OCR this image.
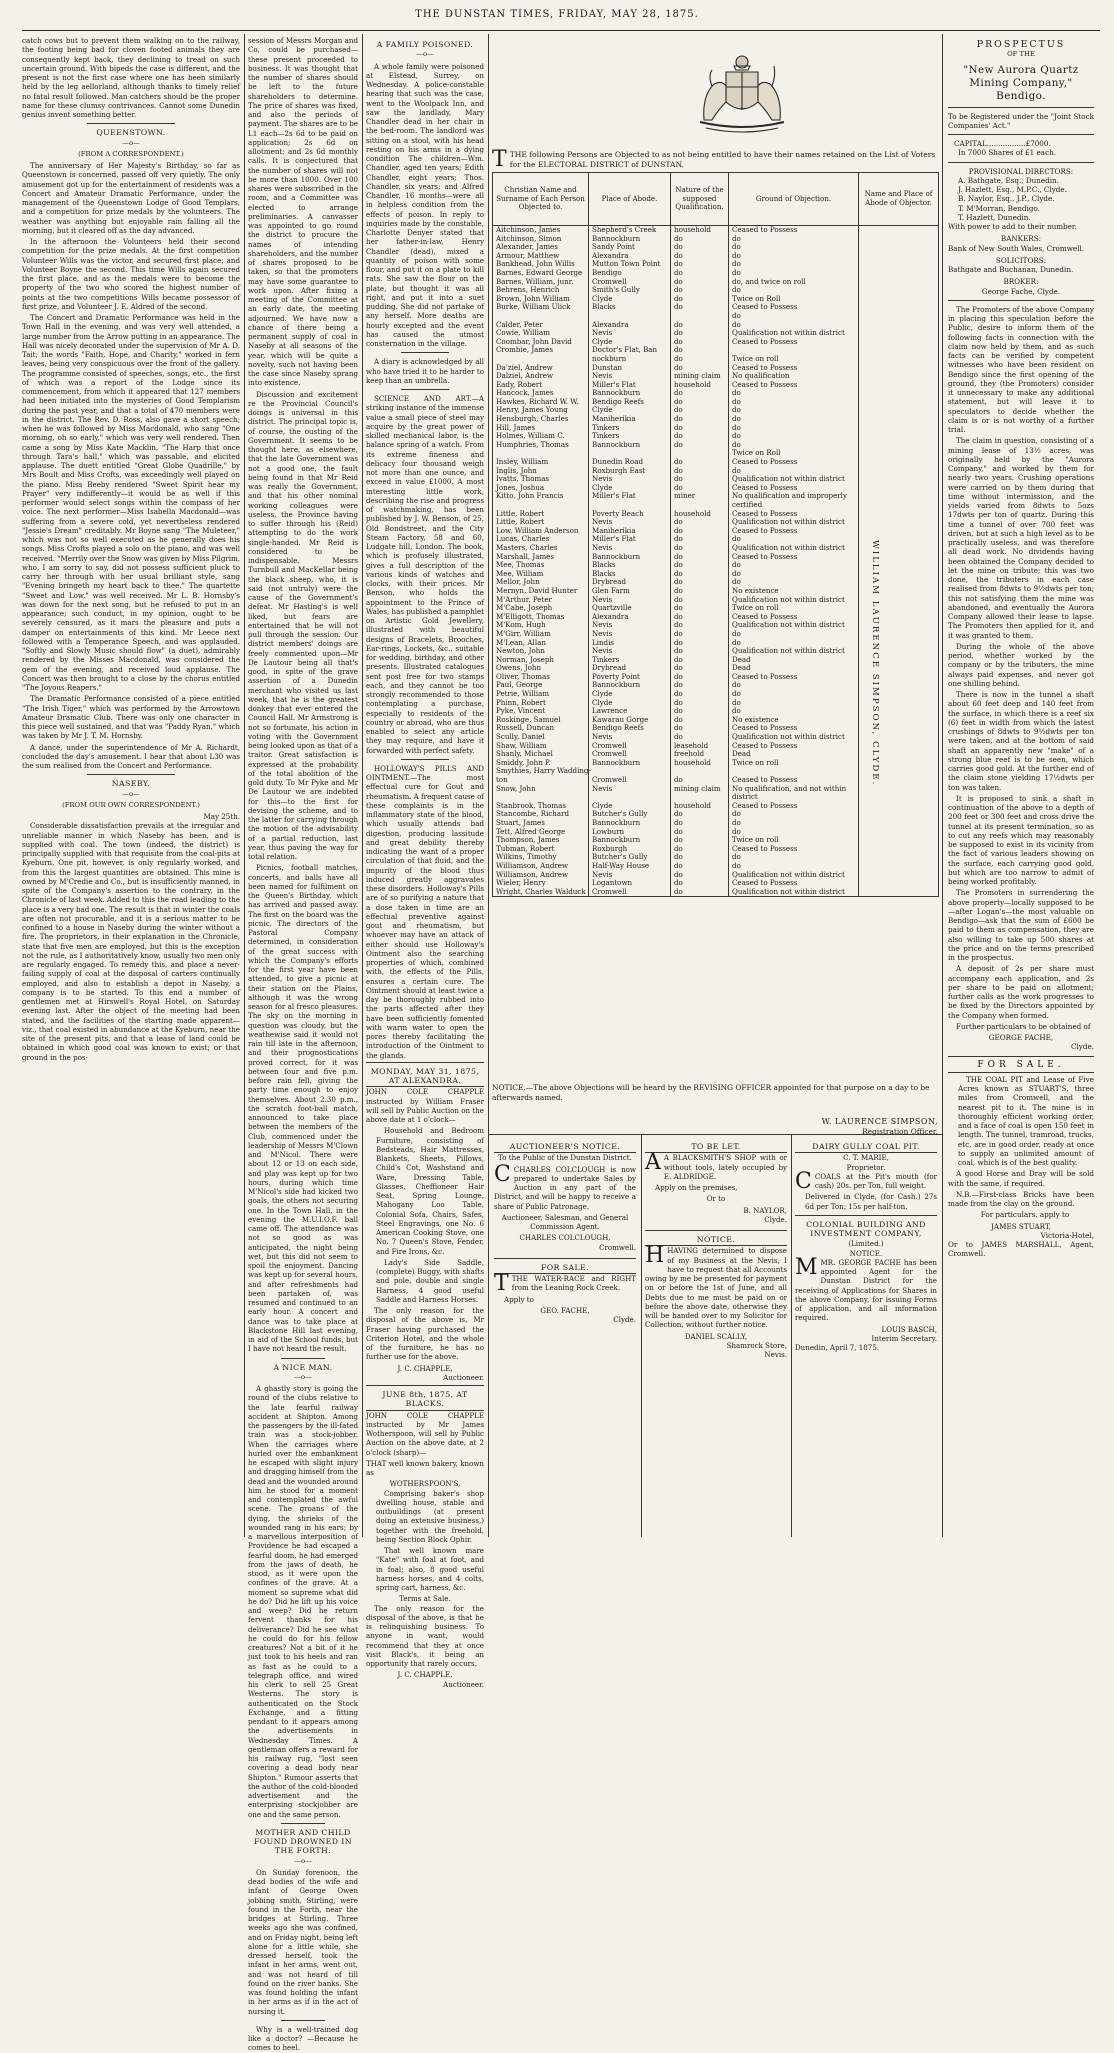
THE DUNSTAN TIMES, FRIDAY, MAY 28, 1875.

catch cows but to prevent them walking on to the railway, the footing being bad for cloven footed animals they are consequently kept back, they declining to tread on such uncertain ground. With bipeds the case is different, and the present is not the first case where one has been similarly held by the leg aellorland, although thanks to timely relief no fatal result followed. Man catchers should be the proper name for these clumsy contrivances. Cannot some Dunedin genius invent something better.

QUEENSTOWN.
—o—
(FROM A CORRESPONDENT.)

The anniversary of Her Majesty's Birthday, so far as Queenstown is concerned, passed off very quietly. The only amusement got up for the entertainment of residents was a Concert and Amateur Dramatic Performance, under the management of the Queenstown Lodge of Good Templars, and a competition for prize medals by the volunteers. The weather was anything but enjoyable rain falling all the morning, but it cleared off as the day advanced.

In the afternoon the Volunteers held their second competition for the prize medals. At the first competition Volunteer Wills was the victor, and secured first place; and Volunteer Boyne the second. This time Wills again secured the first place, and as the medals were to become the property of the two who scored the highest number of points at the two competitions Wills became possessor of first prize, and Volunteer J. E. Aldred of the second.

The Concert and Dramatic Performance was held in the Town Hall in the evening, and was very well attended, a large number from the Arrow putting in an appearance. The Hall was nicely decorated under the supervision of Mr A. D. Tait; the words "Faith, Hope, and Charity," worked in fern leaves, being very conspicuous over the front of the gallery. The programme consisted of speeches, songs, etc., the first of which was a report of the Lodge since its commencement, from which it appeared that 127 members had been initiated into the mysteries of Good Templarism during the past year, and that a total of 470 members were in the district. The Rev. D. Ross, also gave a short speech; when he was followed by Miss Macdonald, who sang "One morning, oh so early," which was very well rendered. Then came a song by Miss Kate Macklin, "The Harp that once through Tara's hall," which was passable, and elicited applause. The duett entitled "Great Globe Quadrille," by Mrs Boult and Miss Crofts, was exceedingly well played on the piano. Miss Beeby rendered "Sweet Spirit hear my Prayer" very indifferently—it would be as well if this performer would select songs within the compass of her voice. The next performer—Miss Isabella Macdonald—was suffering from a severe cold, yet nevertheless rendered "Jessie's Dream" creditably. Mr Boyne sang "The Muleteer," which was not so well executed as he generally does his songs. Miss Crofts played a solo on the piano, and was well received. "Merrily over the Snow was given by Miss Pilgrim, who, I am sorry to say, did not possess sufficient pluck to carry her through with her usual brilliant style, sang "Evening bringeth my heart back to thee." The quartette "Sweet and Low," was well received. Mr L. B. Hornsby's was down for the next song, but he refused to put in an appearance; such conduct, in my opinion, ought to be severely censured, as it mars the pleasure and puts a damper on entertainments of this kind. Mr Leece next followed with a Temperance Speech, and was applauded. "Softly and Slowly Music should flow" (a duet), admirably rendered by the Misses Macdonald, was considered the gem of the evening, and received loud applause. The Concert was then brought to a close by the chorus entitled "The Joyous Reapers."

The Dramatic Performance consisted of a piece entitled "The Irish Tiger," which was performed by the Arrowtown Amateur Dramatic Club. There was only one character in this piece well sustained, and that was "Paddy Ryan," which was taken by Mr J. T. M. Hornsby.

A dance, under the superintendence of Mr A. Richardt, concluded the day's amusement. I hear that about L30 was the sum realised from the Concert and Performance.

NASEBY.
—o—
(FROM OUR OWN CORRESPONDENT.)
May 25th.

Considerable dissatisfaction prevails at the irregular and unreliable manner in which Naseby has been, and is supplied with coal. The town (indeed, the district) is principally supplied with that requisite from the coal-pits at Kyeburn. One pit, however, is only regularly worked, and from this the largest quantities are obtained. This mine is owned by M'Credie and Co., but is insufficiently manned, in spite of the Company's assertion to the contrary, in the Chronicle of last week. Added to this the road leading to the place is a very bad one. The result is that in winter the coals are often not procurable, and it is a serious matter to be confined to a house in Naseby during the winter without a fire. The proprietors, in their explanation in the Chronicle, state that five men are employed, but this is the exception not the rule, as I authoritatively know, usually two men only are regularly engaged. To remedy this, and place a never-failing supply of coal at the disposal of carters continually employed, and also to establish a depot in Naseby, a company is to be started. To this end a number of gentlemen met at Hirswell's Royal Hotel, on Saturday evening last. After the object of the meeting had been stated, and the facilities of the starting made apparent—viz., that coal existed in abundance at the Kyeburn, near the site of the present pits, and that a lease of land could be obtained in which good coal was known to exist; or that ground in the pos-

session of Messrs Morgan and Co, could be purchased—these present proceeded to business. It was thought that the number of shares should be left to the future shareholders to determine. The price of shares was fixed, and also the periods of payment. The shares are to be L1 each—2s 6d to be paid on application; 2s 6d on allotment; and 2s 6d monthly calls. It is conjectured that the number of shares will not be more than 1000. Over 100 shares were subscribed in the room, and a Committee was elected to arrange preliminaries. A canvasser was appointed to go round the district to procure the names of intending shareholders, and the number of shares proposed to be taken, so that the promoters may have some guarantee to work upon. After fixing a meeting of the Committee at an early date, the meeting adjourned. We have now a chance of there being a permanent supply of coal in Naseby at all seasons of the year, which will be quite a novelty, such not having been the case since Naseby sprang into existence.

Discussion and excitement re the Provincial Council's doings is universal in this district. The principal topic is, of course, the ousting of the Government. It seems to be thought here, as elsewhere, that the late Government was not a good one, the fault being found in that Mr Reid was really the Government, and that his other nominal working colleagues were useless, the Province having to suffer through his (Reid) attempting to do the work single-handed. Mr Reid is considered to be indispensable, Messrs Turnbull and MacKellar being the black sheep, who, it is said (not untruly) were the cause of the Government's defeat. Mr Hasting's is well liked, but fears are entertained that he will not pull through the session. Our district members' doings are freely commented upon—Mr De Lautour being all that's good, in spite of the grave assertion of a Dunedin merchant who visited us last week, that he is the greatest donkey that ever entered the Council Hall. Mr Armstrong is not so fortunate, his action in voting with the Government being looked upon as that of a traitor. Great satisfaction is expressed at the probability of the total abolition of the gold duty. To Mr Pyke and Mr De Lautour we are indebted for this—to the first for devising the scheme, and to the latter for carrying through the motion of the advisability of a partial reduction, last year, thus paving the way for total relation.

Picnics, football matches, concerts, and balls have all been named for fulfilment on the Queen's Birthday, which has arrived and passed away. The first on the board was the picnic. The directors of the Pastoral Company determined, in consideration of the great success with which the Company's efforts for the first year have been attended, to give a picnic at their station on the Plains, although it was the wrong season for al fresco pleasures. The sky on the morning in question was cloudy, but the weathewise said it would not rain till late in the afternoon, and their prognostications proved correct, for it was between four and five p.m. before rain fell, giving the party time enough to enjoy themselves. About 2.30 p.m., the scratch foot-ball match, announced to take place between the members of the Club, commenced under the leadership of Messrs M'Clown and M'Nicol. There were about 12 or 13 on each side, and play was kept up for two hours, during which time M'Nicol's side had kicked two goals, the others not securing one. In the Town Hall, in the evening the M.U.I.O.F. ball came off. The attendance was not so good as was anticipated, the night being wet, but this did not seem to spoil the enjoyment. Dancing was kept up for several hours, and after refreshments had been partaken of, was resumed and continued to an early hour. A concert and dance was to take place at Blackstone Hill last evening, in aid of the School funds, but I have not heard the result.

A NICE MAN.
—o—

A ghastly story is going the round of the clubs relative to the late fearful railway accident at Shipton. Among the passengers by the ill-fated train was a stock-jobber. When the carriages where hurled over the embankment he escaped with slight injury and dragging himself from the dead and the wounded around him he stood for a moment and contemplated the awful scene. The groans of the dying, the shrieks of the wounded rang in his ears; by a marvellous interposition of Providence he had escaped a fearful doom, he had emerged from the jaws of death, he stood, as it were upon the confines of the grave. At a moment so supreme what did he do? Did he lift up his voice and weep? Did he return fervent thanks for his deliverance? Did he see what he could do for his fellow creatures? Not a bit of it he just took to his heels and ran as fast as he could to a telegraph office, and wired his clerk to sell 25 Great Westerns. The story is authenticated on the Stock Exchange, and a fitting pendant to it appears among the advertisements in Wednesday Times. A gentleman offers a reward for his railway rug, "lost seen covering a dead body near Shipton." Rumour asserts that the author of the cold-blooded advertisement and the enterprising stockjobber are one and the same person.

MOTHER AND CHILD FOUND DROWNED IN THE FORTH.
—o—

On Sunday forenoon, the dead bodies of the wife and infant of George Owen jobbing smith, Stirling, were found in the Forth, near the bridges at Stirling. Three weeks ago she was confined, and on Friday night, being left alone for a little while, she dressed herself, took the infant in her arms, went out, and was not heard of till found on the river banks. She was found holding the infant in her arms as if in the act of nursing it.

Why is a well-trained dog like a doctor? —Because he comes to heel.

A FAMILY POISONED.
—o—

A whole family were poisoned at Elstead, Surrey, on Wednesday. A police-constable hearing that such was the case, went to the Woolpack Inn, and saw the landlady, Mary Chandler dead in her chair in the bed-room. The landlord was sitting on a stool, with his head resting on his arms in a dying condition The children—Wm. Chandler, aged ten years; Edith Chandler, eight years; Thos. Chandler, six years; and Alfred Chandler, 16 months—were all in helpless condition from the effects of poison. In reply to inquiries made by the constable, Charlotte Denyer stated that her father-in-law, Henry Chandler (dead), mixed a quantity of poison with some flour, and put it on a plate to kill rats. She saw the flour on the plate, but thought it was all right, and put it into a suet pudding. She did not partake of any herself. More deaths are hourly excepted and the event has caused the utmost consternation in the village.

A diary is acknowledged by all who have tried it to be harder to keep than an umbrella.

SCIENCE AND ART.—A striking instance of the immense value a small piece of steel may acquire by the great power of skilled mechanical labor, is the balance spring of a watch. From its extreme fineness and delicacy four thousand weigh not more than one ounce, and exceed in value £1000. A most interesting little work, describing the rise and progress of watchmaking, has been published by J. W. Benson, of 25, Old Bondstreet, and the City Steam Factory, 58 and 60, Ludgate hill, London. The book, which is profusely illustrated, gives a full description of the various kinds of watches and clocks, with their prices. Mr Benson, who holds the appointment to the Prince of Wales, has published a pamphlet on Artistic Gold Jewellery, illustrated with beautiful designs of Bracelets, Brooches, Ear-rings, Lockets, &c., suitable for wedding, birthday, and other presents. Illustrated catalogues sent post free for two stamps each, and they cannot be too strongly recommended to those contemplating a purchase, especially to residents of the country or abroad, who are thus enabled to select any article they may require, and have it forwarded with perfect safety.

HOLLOWAY'S PILLS AND OINTMENT.—The most effectual cure for Gout and rheumatism. A frequent cause of these complaints is in the inflammatory state of the blood, which usually attends bad digestion, producing lassitude and great debility thereby indicating the want of a proper circulation of that fluid, and the impurity of the blood thus induced greatly aggravates these disorders. Holloway's Pills are of so purifying a nature that a dose taken in time are an effectual preventive against gout and rheumatism, but whoever may have an attack of either should use Holloway's Ointment also the searching properties of which, combined with, the effects of the Pills, ensures a certain cure. The Ointment should at least twice a day be thoroughly rubbed into the parts affected after they have been sufficiently fomented with warm water to open the pores thereby facilitating the introduction of the Ointment to the glands.

MONDAY, MAY 31, 1875, AT ALEXANDRA.

JOHN COLE CHAPPLE instructed by William Fraser will sell by Public Auction on the above date at 1 o'clock—

Household and Bedroom Furniture, consisting of Bedsteads, Hair Mattresses, Blankets, Sheets, Pillows, Child's Cot, Washstand and Ware, Dressing Table, Glasses, Cheffioneer Hair Seat, Spring Lounge, Mahogany Loo Table, Colonial Sofa, Chairs, Safes, Steel Engravings, one No. 6 American Cooking Stove, one No. 7 Queen's Stove, Fender, and Fire Irons, &c.

Lady's Side Saddle, (complete) Buggy, with shafts and pole, double and single Harness, 4 good useful Saddle and Harness Horses.

The only reason for the disposal of the above is, Mr Fraser having purchased the Criterion Hotel, and the whole of the furniture, he has no further use for the above.

J. C. CHAPPLE,
Auctioneer.
JUNE 8th, 1875, AT BLACKS.

JOHN COLE CHAPPLE instructed by Mr James Wotherspoon, will sell by Public Auction on the above date, at 2 o'clock (sharp)—

THAT well known bakery, known as

WOTHERSPOON'S,

Comprising baker's shop dwelling house, stable and outbuildings (at present doing an extensive business,) together with the freehold, being Section Block Ophir.

That well known mare "Kate" with foal at foot, and in foal; also, 8 good useful harness horses, and 4 colts, spring cart, harness, &c.

Terms at Sale.

The only reason for the disposal of the above, is that he is relinquishing business. To anyone in want, would recommend that they at once visit Black's, it being an opportunity that rarely occurs.

J. C. CHAPPLE,
Auctioneer.
TTHE following Persons are Objected to as not being entitled to have their names retained on the List of Voters for the ELECTORAL DISTRICT of DUNSTAN.
Christian Name and Surname of Each Person Objected to.	Place of Abode.	Nature of the supposed Qualification.	Ground of Objection.	Name and Place of Abode of Objector.
Aitchinson, James	Shepherd's Creek	household	Ceased to Possess	
Aitchinson, Simon	Bannockburn	do	do	
Alexander, James	Sandy Point	do	do	
Armour, Matthew	Alexandra	do	do	

Bankhead, John Willis	Mutton Town Point	do	do	
Barnes, Edward George	Bendigo	do	do	
Barnes, William, junr.	Cromwell	do	do, and twice on roll	
Behrens, Henrich	Smith's Gully	do	do	
Brown, John William	Clyde	do	Twice on Roll	
Burke, William Ulick	Blacks	do	Ceased to Possess	
			do	
Calder, Peter	Alexandra	do	do	
Cowie, William	Nevis	do	Qualification not within district	
Coombar, John David	Clyde	do	Ceased to Possess	
Crombie, James	Doctor's Flat, Ban	do		
	nockburn	do	Twice on roll	

Da'ziel, Andrew	Dunstan	do	Ceased to Possess	
Dalziel, Andrew	Nevis	mining claim	No qualification	

Eady, Robert	Miller's Flat	household	Ceased to Possess	

Hancock, James	Bannockburn	do	do	
Hawkes, Richard W. W.	Bendigo Reefs	do	do	
Henry, James Young	Clyde	do	do	
Hensburgh, Charles	Maniherikia	do	do	
Hill, James	Tinkers	do	do	
Holmes, William C.	Tinkers	do	do	
Humphries, Thomas	Bannockburn	do	do	
			Twice on Roll	
Insley, William	Dunedin Road	do	Ceased to Possess	
Inglis, John	Roxburgh East	do	do	
Ivatts, Thomas	Nevis	do	Qualification not within district	

Jones, Joshua	Clyde	do	Ceased to Possess	

Kitto, John Francis	Miller's Flat	miner	No qualification and improperly	
			certified	
Little, Robert	Poverty Beach	household	Ceased to Possess	
Little, Robert	Nevis	do	Qualification not within district	
Low, William Anderson	Maniherikia	do	Ceased to Possess	
Lucas, Charles	Miller's Flat	do	do	

Masters, Charles	Nevis	do	Qualification not within district	
Marshall, James	Bannockburn	do	Ceased to Possess	
Mee, Thomas	Blacks	do	do	
Mee, William	Blacks	do	do	
Mellor, John	Drybread	do	do	
Mernyn, David Hunter	Glen Farm	do	No existence	
M'Arthur, Peter	Nevis	do	Qualification not within district	
M'Cabe, Joseph	Quartzville	do	Twice on roll	
M'Elligott, Thomas	Alexandra	do	Ceased to Possess	
M'Kom, Hugh	Nevis	do	Qualification not within district	
M'Girr, William	Nevis	do	do	
M'Lean, Allan	Lindis	do	do	

Newton, John	Nevis	do	Qualification not within district	
Norman, Joseph	Tinkers	do	Dead	

Owens, John	Drybread	do	Dead	
Oliver, Thomas	Poverty Point	do	Ceased to Possess	

Paul, George	Bannockburn	do	do	
Petrie, William	Clyde	do	do	
Phinn, Robert	Clyde	do	do	
Pyke, Vincent	Lawrence	do	do	

Roskinge, Samuel	Kawarau Gorge	do	No existence	
Russell, Duncan	Bendigo Reefs	do	Ceased to Possess	

Scully, Daniel	Nevis	do	Qualification not within district	
Shaw, William	Cromwell	leasehold	Ceased to Possess	
Shanly, Michael	Cromwell	freehold	Dead	
Smiddy, John P.	Bannockburn	household	Twice on roll	
Smythies, Harry Wadding-				
ton	Cromwell	do	Ceased to Possess	
Snow, John	Nevis	mining claim	No qualification, and not within	
			district	
Stanbrook, Thomas	Clyde	household	Ceased to Possess	
Stancombe, Richard	Butcher's Gully	do	do	
Stuart, James	Bannockburn	do	do	

Tett, Alfred George	Lowburn	do	do	
Thompson, James	Bannockburn	do	Twice on roll	
Tubman, Robert	Roxburgh	do	Ceased to Possess	

Wilkins, Timothy	Butcher's Gully	do	do	
Williamson, Andrew	Half-Way House	do	do	
Williamson, Andrew	Nevis	do	Qualification not within district	
Wieler, Henry	Logantown	do	Ceased to Possess	
Wright, Charles Walduck	Cromwell	do	Qualification not within district	
WILLIAM LAURENCE SIMPSON, CLYDE.
NOTICE.—The above Objections will be heard by the REVISING OFFICER appointed for that purpose on a day to be afterwards named.
W. LAURENCE SIMPSON,
Registration Officer.
AUCTIONEER'S NOTICE.

To the Public of the Dunstan District.

CCHARLES COLCLOUGH is now prepared to undertake Sales by Auction in any part of the District, and will be happy to receive a share of Public Patronage.

Auctioneer, Salesman, and General Commission Agent.

CHARLES COLCLOUGH,
Cromwell.
FOR SALE.

TTHE WATER-RACE and RIGHT from the Leaning Rock Creek.

Apply to

GEO. FACHE,
Clyde.
TO BE LET.

A A BLACKSMITH'S SHOP with or without tools, lately occupied by E. ALDRIDGE.

Apply on the premises,

Or to

B. NAYLOR,
Clyde.
NOTICE.

HHAVING determined to dispose of my Business at the Nevis, I have to request that all Accounts owing by me be presented for payment on or before the 1st of June, and all Debts due to me must be paid on or before the above date, otherwise they will be handed over to my Solicitor for Collection, without further notice.

DANIEL SCALLY,
Shamrock Store,
Nevis.
DAIRY GULLY COAL PIT.
C. T. MARIE,
Proprietor.

CCOALS at the Pit's mouth (for cash) 20s. per Ton, full weight.

Delivered in Clyde, (for Cash.) 27s 6d per Ton; 15s per half-ton.

COLONIAL BUILDING AND INVESTMENT COMPANY,
(Limited.)
NOTICE.

MMR. GEORGE FACHE has been appointed Agent for the Dunstan District for the receiving of Applications for Shares in the above Company, for issuing Forms of application, and all information required.

LOUIS BASCH,
Interim Secretary.
Dunedin, April 7, 1875.
PROSPECTUS
OF THE
"New Aurora Quartz Mining Company," Bendigo.

To be Registered under the "Joint Stock Companies' Act."

CAPITAL.................£7000.
In 7000 Shares of £1 each.
PROVISIONAL DIRECTORS:
A. Bathgate, Esq., Dunedin.
J. Hazlett, Esq., M.P.C., Clyde.
B. Naylor, Esq., J.P., Clyde.
T. M'Morran, Bendigo.
T. Hazlett, Dunedin.
With power to add to their number.
BANKERS:
Bank of New South Wales, Cromwell.
SOLICITORS:
Bathgate and Buchanan, Dunedin.
BROKER:
George Fache, Clyde.

The Promoters of the above Company in placing this speculation before the Public, desire to inform them of the following facts in connection with the claim now held by them, and as such facts can be verified by competent witnesses who have been resident on Bendigo since the first opening of the ground, they (the Promoters) consider it unnecessary to make any additional statement, but will leave it to speculators to decide whether the claim is or is not worthy of a further trial.

The claim in question, consisting of a mining lease of 13½ acres, was originally held by the "Aurora Company," and worked by them for nearly two years. Crushing operations were carried on by them during that time without intermission, and the yields varied from 8dwts to 5ozs 17dwts per ton of quartz. During this time a tunnel of over 700 feet was driven, but at such a high level as to be practically useless, and was therefore all dead work. No dividends having been obtained the Company decided to let the mine on tribute; this was two done, the tributers in each case realised from 8dwts to 9½dwts per ton; this not satisfying them the mine was abandoned, and eventually the Aurora Company allowed their lease to lapse. The Promoters then applied for it, and it was granted to them.

During the whole of the above period, whether worked by the company or by the tributers, the mine always paid expenses, and never got one shilling behind.

There is now in the tunnel a shaft about 60 feet deep and 140 feet from the surface, in which there is a reef six (6) feet in width from which the latest crushings of 8dwts to 9½dwts per ton were taken, and at the bottom of said shaft an apparently new "make" of a strong blue reef is to be seen, which carries good gold. At the further end of the claim stone yielding 17½dwts per ton was taken.

It is proposed to sink a shaft in continuation of the above to a depth of 200 feet or 300 feet and cross drive the tunnel at its present termination, so as to cut any reefs which may reasonably be supposed to exist in its vicinity from the fact of various leaders showing on the surface, each carrying good gold, but which are too narrow to admit of being worked profitably.

The Promoters in surrendering the above property—locally supposed to be—after Logan's—the most valuable on Bendigo—ask that the sum of £600 be paid to them as compensation, they are also willing to take up 500 shares at the price and on the terms prescribed in the prospectus.

A deposit of 2s per share must accompany each application, and 2s per share to be paid on allotment; further calls as the work progresses to be fixed by the Directors appointed by the Company when formed.

Further particulars to be obtained of

GEORGE FACHE,
Clyde.
FOR SALE.

THE COAL PIT and Lease of Five Acres known as STUART'S, three miles from Cromwell, and the nearest pit to it. The mine is in thoroughly efficient working order, and a face of coal is open 150 feet in length. The tunnel, tramroad, trucks, etc, are in good order, ready at once to supply an unlimited amount of coal, which is of the best quality.

A good Horse and Dray will be sold with the same, if required.

N.B.—First-class Bricks have been made from the clay on the ground.

For particulars, apply to

JAMES STUART,
Victoria-Hotel,
Or to JAMES MARSHALL, Agent, Cromwell.
